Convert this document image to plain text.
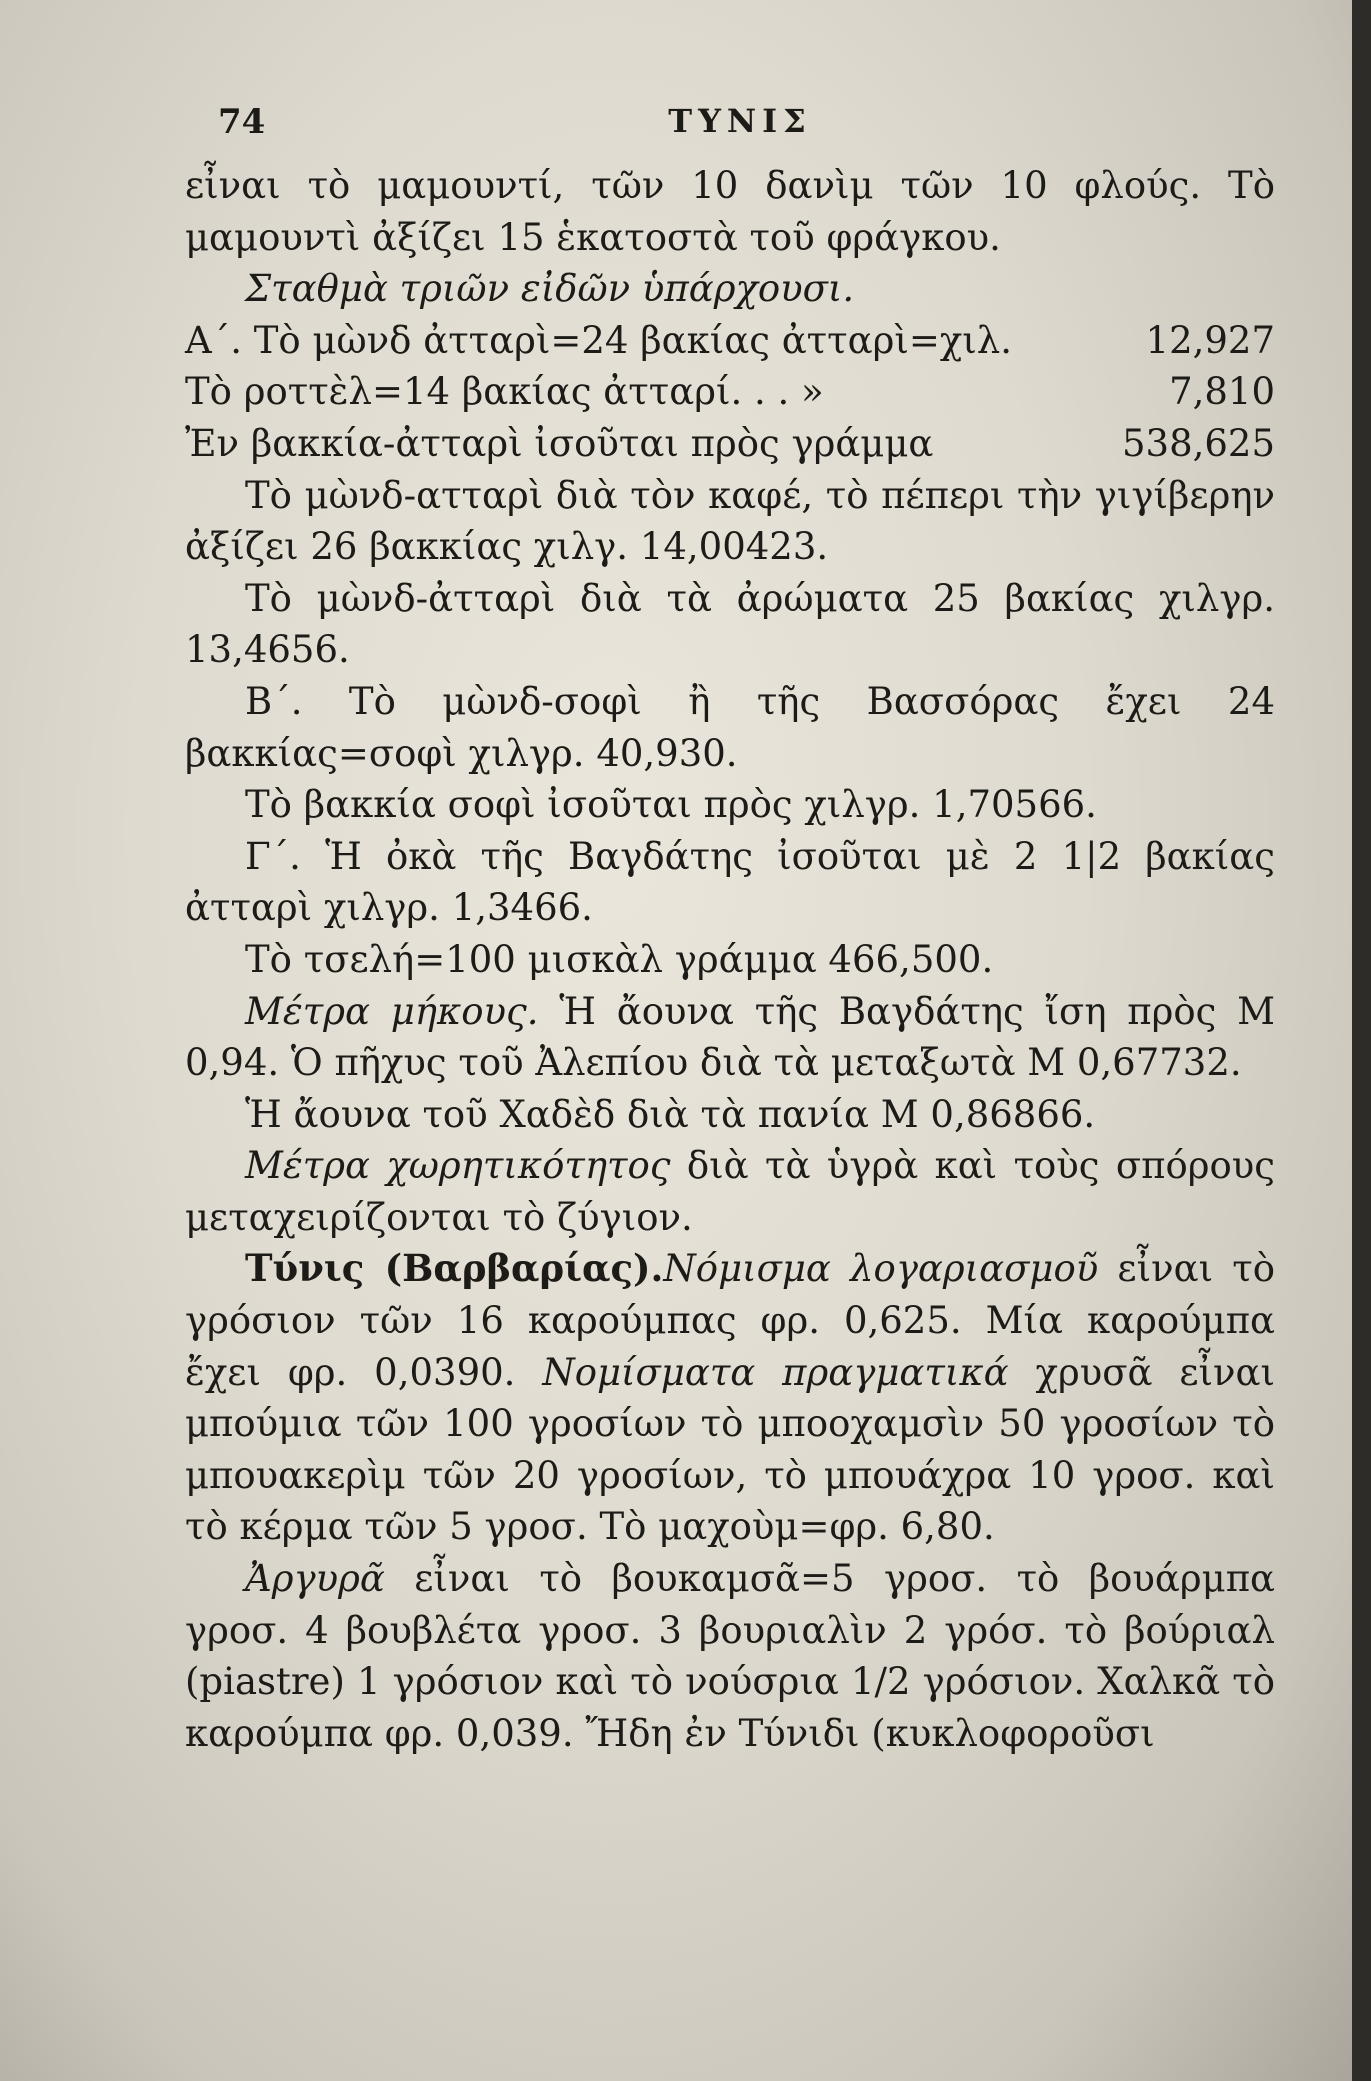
74	ΤΥΝΙΣ

εἶναι τὸ μαμουντί, τῶν 10 δανὶμ τῶν 10 φλούς. Τὸ μαμουντὶ ἀξίζει 15 ἑκατοστὰ τοῦ φράγκου.

Σταθμὰ τριῶν εἰδῶν ὑπάρχουσι.

Α΄. Τὸ μὼνδ ἀτταρὶ=24 βακίας ἀτταρὶ=χιλ.	12,927

Τὸ ροττὲλ=14 βακίας ἀτταρί. . . »	7,810

Ἐν βακκία-ἀτταρὶ ἰσοῦται πρὸς γράμμα	538,625

Τὸ μὼνδ-ατταρὶ διὰ τὸν καφέ, τὸ πέπερι τὴν γιγίβερην ἀξίζει 26 βακκίας χιλγ. 14,00423.

Τὸ μὼνδ-ἀτταρὶ διὰ τὰ ἀρώματα 25 βακίας χιλγρ. 13,4656.

Β΄. Τὸ μὼνδ-σοφὶ ἢ τῆς Βασσόρας ἔχει 24 βακκίας=σοφὶ χιλγρ. 40,930.

Τὸ βακκία σοφὶ ἰσοῦται πρὸς χιλγρ. 1,70566.

Γ΄. Ἡ ὀκὰ τῆς Βαγδάτης ἰσοῦται μὲ 2 1|2 βακίας ἀτταρὶ χιλγρ. 1,3466.

Τὸ τσελή=100 μισκὰλ γράμμα 466,500.

Μέτρα μήκους. Ἡ ἄουνα τῆς Βαγδάτης ἴση πρὸς Μ 0,94. Ὁ πῆχυς τοῦ Ἀλεπίου διὰ τὰ μεταξωτὰ Μ 0,67732.

Ἡ ἄουνα τοῦ Χαδὲδ διὰ τὰ πανία Μ 0,86866.

Μέτρα χωρητικότητος διὰ τὰ ὑγρὰ καὶ τοὺς σπόρους μεταχειρίζονται τὸ ζύγιον.

Τύνις (Βαρβαρίας).Νόμισμα λογαριασμοῦ εἶναι τὸ γρόσιον τῶν 16 καρούμπας φρ. 0,625. Μία καρούμπα ἔχει φρ. 0,0390. Νομίσματα πραγματικά χρυσᾶ εἶναι μπούμια τῶν 100 γροσίων τὸ μποοχαμσὶν 50 γροσίων τὸ μπουακερὶμ τῶν 20 γροσίων, τὸ μπουάχρα 10 γροσ. καὶ τὸ κέρμα τῶν 5 γροσ. Τὸ μαχοὺμ=φρ. 6,80.

Ἀργυρᾶ εἶναι τὸ βουκαμσᾶ=5 γροσ. τὸ βουάρμπα γροσ. 4 βουβλέτα γροσ. 3 βουριαλὶν 2 γρόσ. τὸ βούριαλ (piastre) 1 γρόσιον καὶ τὸ νούσρια 1/2 γρόσιον. Χαλκᾶ τὸ καρούμπα φρ. 0,039. Ἤδη ἐν Τύνιδι (κυκλοφοροῦσι
